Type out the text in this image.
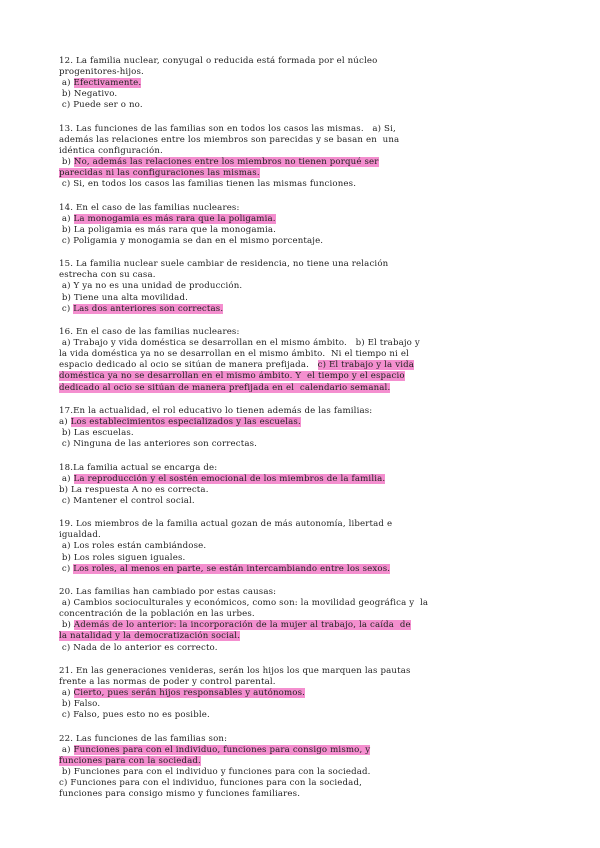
12. La familia nuclear, conyugal o reducida está formada por el núcleo
progenitores-hijos.
a) Efectivamente.
b) Negativo.
c) Puede ser o no.
13. Las funciones de las familias son en todos los casos las mismas.   a) Si,
además las relaciones entre los miembros son parecidas y se basan en  una
idéntica configuración.
b) No, además las relaciones entre los miembros no tienen porqué ser
parecidas ni las configuraciones las mismas.
c) Si, en todos los casos las familias tienen las mismas funciones.
14. En el caso de las familias nucleares:
a) La monogamia es más rara que la poligamia.
b) La poligamia es más rara que la monogamia.
c) Poligamia y monogamia se dan en el mismo porcentaje.
15. La familia nuclear suele cambiar de residencia, no tiene una relación
estrecha con su casa.
a) Y ya no es una unidad de producción.
b) Tiene una alta movilidad.
c) Las dos anteriores son correctas.
16. En el caso de las familias nucleares:
a) Trabajo y vida doméstica se desarrollan en el mismo ámbito.   b) El trabajo y
la vida doméstica ya no se desarrollan en el mismo ámbito.  Ni el tiempo ni el
espacio dedicado al ocio se sitúan de manera prefijada.   c) El trabajo y la vida
doméstica ya no se desarrollan en el mismo ámbito. Y  el tiempo y el espacio
dedicado al ocio se sitúan de manera prefijada en el  calendario semanal.
17.En la actualidad, el rol educativo lo tienen además de las familias:
a) Los establecimientos especializados y las escuelas.
b) Las escuelas.
c) Ninguna de las anteriores son correctas.
18.La familia actual se encarga de:
a) La reproducción y el sostén emocional de los miembros de la familia.
b) La respuesta A no es correcta.
c) Mantener el control social.
19. Los miembros de la familia actual gozan de más autonomía, libertad e
igualdad.
a) Los roles están cambiándose.
b) Los roles siguen iguales.
c) Los roles, al menos en parte, se están intercambiando entre los sexos.
20. Las familias han cambiado por estas causas:
a) Cambios socioculturales y económicos, como son: la movilidad geográfica y  la
concentración de la población en las urbes.
b) Además de lo anterior: la incorporación de la mujer al trabajo, la caída  de
la natalidad y la democratización social.
c) Nada de lo anterior es correcto.
21. En las generaciones venideras, serán los hijos los que marquen las pautas
frente a las normas de poder y control parental.
a) Cierto, pues serán hijos responsables y autónomos.
b) Falso.
c) Falso, pues esto no es posible.
22. Las funciones de las familias son:
a) Funciones para con el individuo, funciones para consigo mismo, y
funciones para con la sociedad.
b) Funciones para con el individuo y funciones para con la sociedad.
c) Funciones para con el individuo, funciones para con la sociedad,
funciones para consigo mismo y funciones familiares.
